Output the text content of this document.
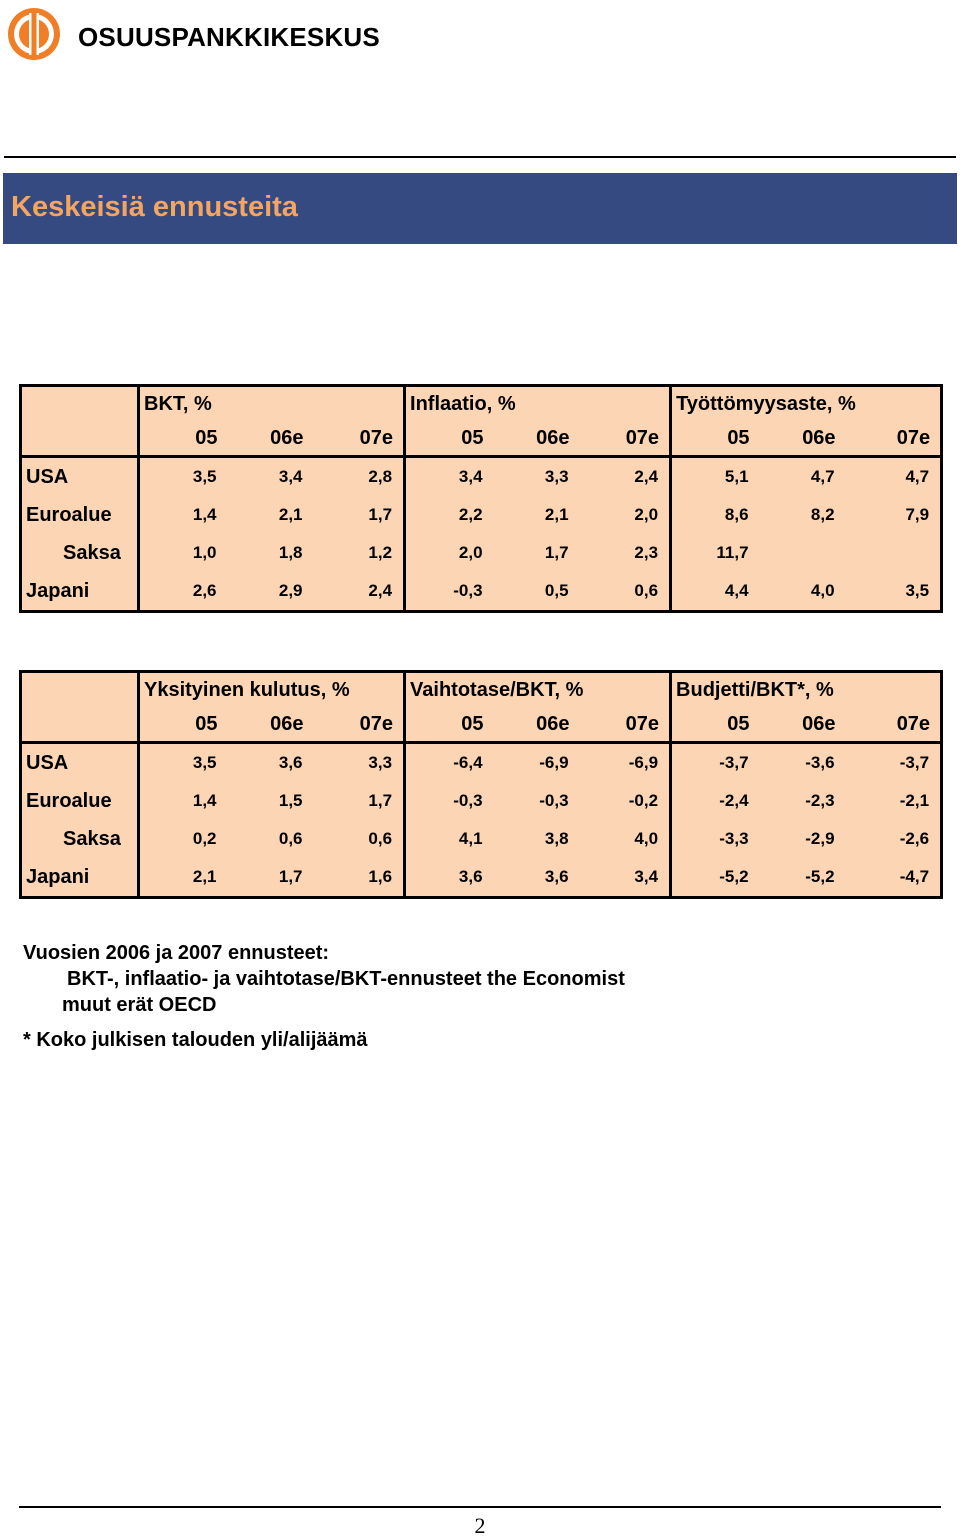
OSUUSPANKKIKESKUS
Keskeisiä ennusteita
	BKT, %			Inflaatio, %			Työttömyysaste, %		
	05	06e	07e	05	06e	07e	05	06e	07e
USA	3,5	3,4	2,8	3,4	3,3	2,4	5,1	4,7	4,7
Euroalue	1,4	2,1	1,7	2,2	2,1	2,0	8,6	8,2	7,9
Saksa	1,0	1,8	1,2	2,0	1,7	2,3	11,7		
Japani	2,6	2,9	2,4	-0,3	0,5	0,6	4,4	4,0	3,5
	Yksityinen kulutus, %			Vaihtotase/BKT, %			Budjetti/BKT*, %		
	05	06e	07e	05	06e	07e	05	06e	07e
USA	3,5	3,6	3,3	-6,4	-6,9	-6,9	-3,7	-3,6	-3,7
Euroalue	1,4	1,5	1,7	-0,3	-0,3	-0,2	-2,4	-2,3	-2,1
Saksa	0,2	0,6	0,6	4,1	3,8	4,0	-3,3	-2,9	-2,6
Japani	2,1	1,7	1,6	3,6	3,6	3,4	-5,2	-5,2	-4,7
Vuosien 2006 ja 2007 ennusteet:
BKT-, inflaatio- ja vaihtotase/BKT-ennusteet the Economist
muut erät OECD
* Koko julkisen talouden yli/alijäämä
2
